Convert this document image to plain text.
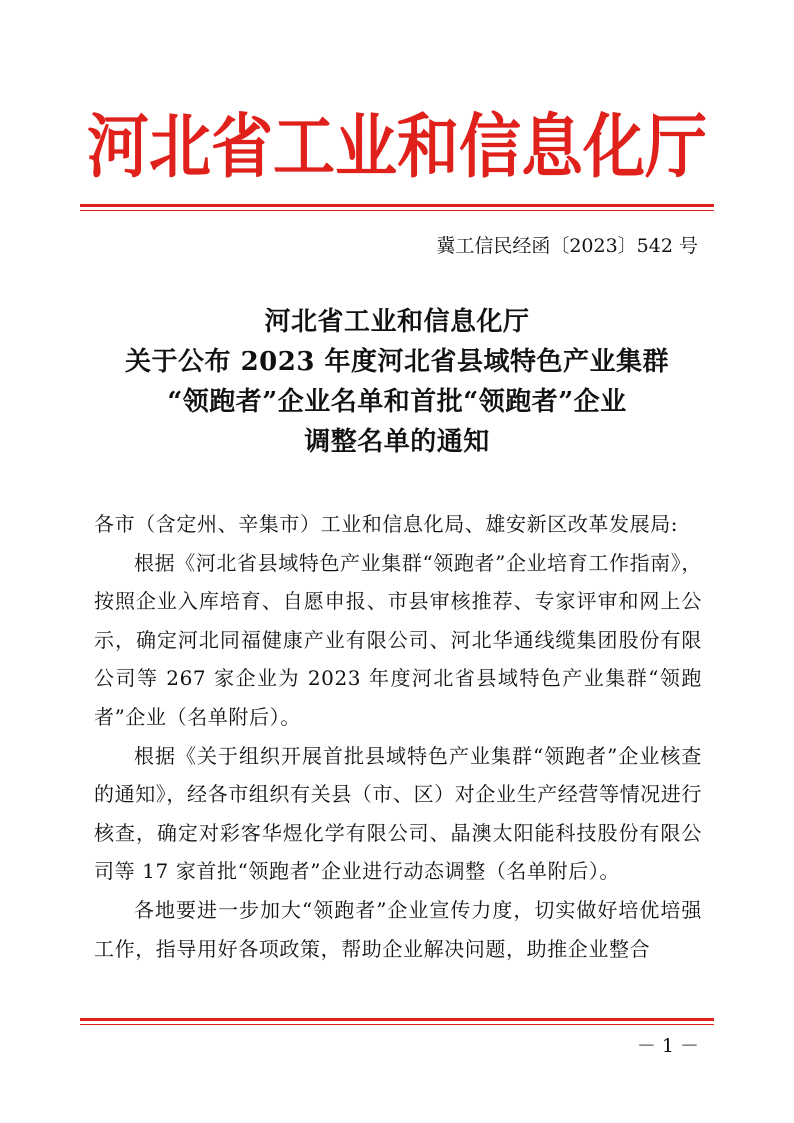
河北省工业和信息化厅
冀工信民经函〔2023〕542 号
河北省工业和信息化厅
关于公布 2023 年度河北省县域特色产业集群
“领跑者”企业名单和首批“领跑者”企业
调整名单的通知

各市（含定州、辛集市）工业和信息化局、雄安新区改革发展局:

根据《河北省县域特色产业集群“领跑者”企业培育工作指南》，按照企业入库培育、自愿申报、市县审核推荐、专家评审和网上公示，确定河北同福健康产业有限公司、河北华通线缆集团股份有限公司等 267 家企业为 2023 年度河北省县域特色产业集群“领跑者”企业（名单附后）。

根据《关于组织开展首批县域特色产业集群“领跑者”企业核查的通知》，经各市组织有关县（市、区）对企业生产经营等情况进行核查，确定对彩客华煜化学有限公司、晶澳太阳能科技股份有限公司等 17 家首批“领跑者”企业进行动态调整（名单附后）。

各地要进一步加大“领跑者”企业宣传力度，切实做好培优培强工作，指导用好各项政策，帮助企业解决问题，助推企业整合

－ 1 －
